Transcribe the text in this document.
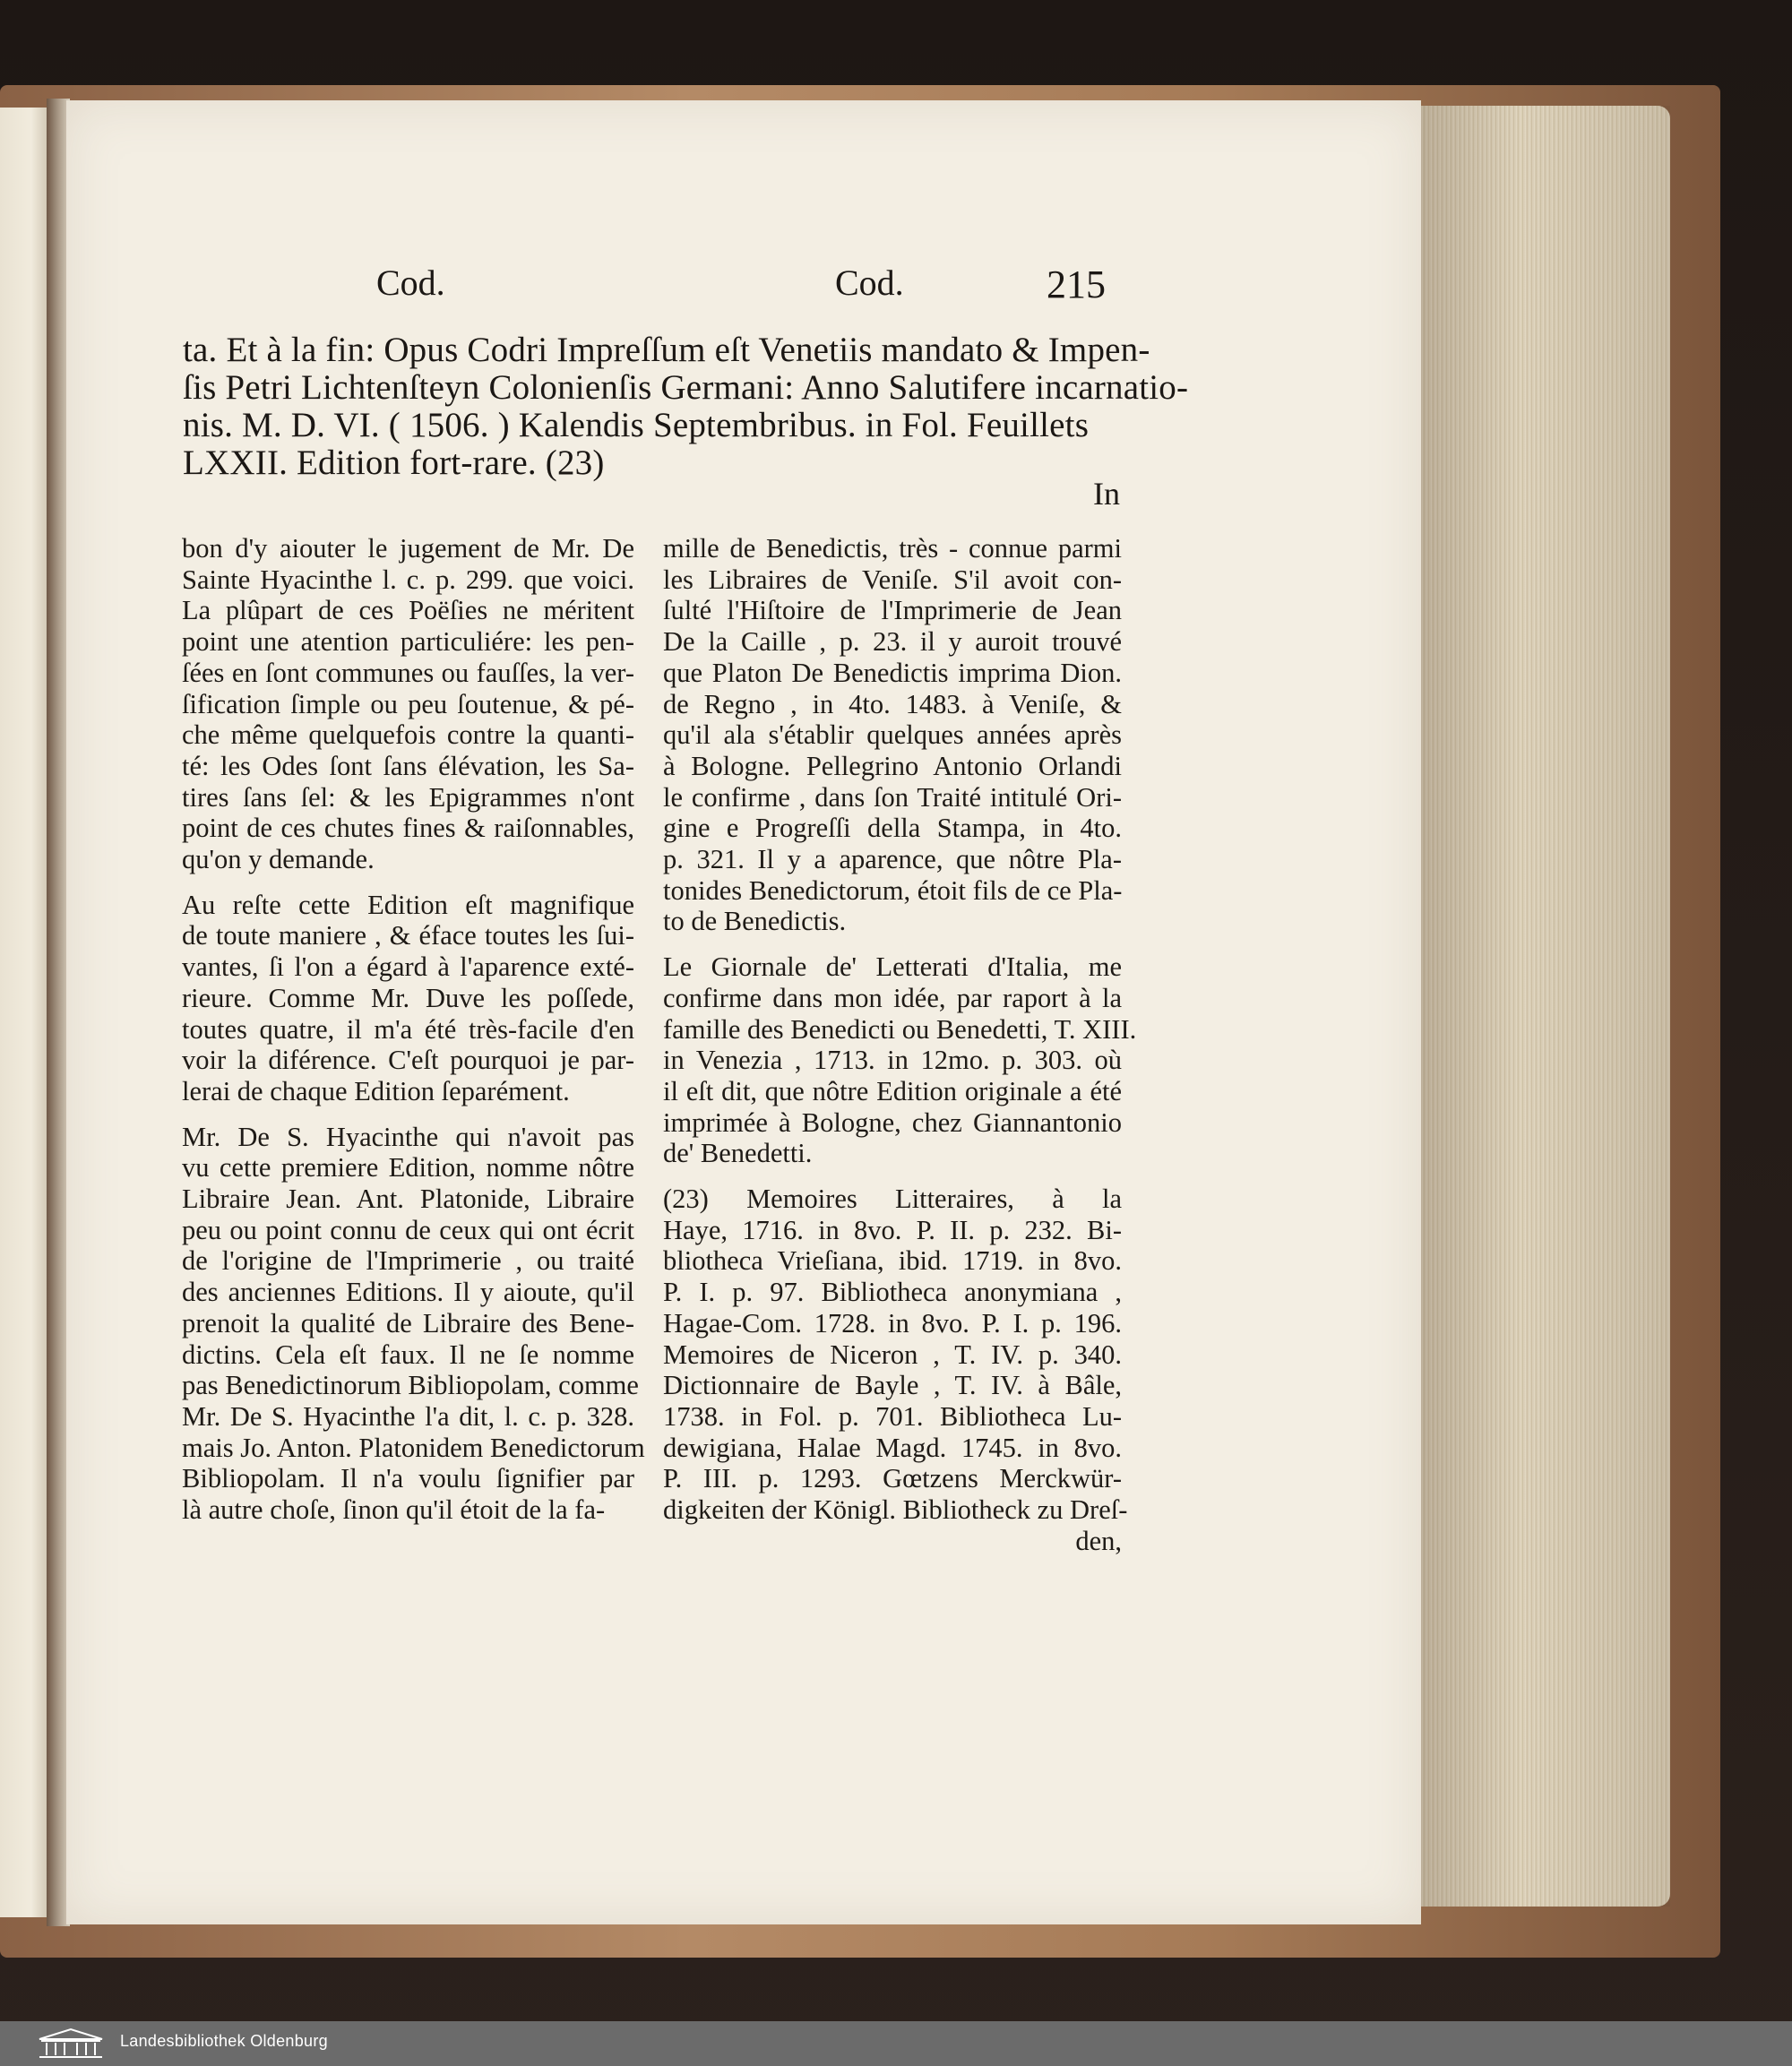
Cod.	Cod.	215
ta. Et à la fin: Opus Codri Impreſſum eſt Venetiis mandato & Impen-
ſis Petri Lichtenſteyn Colonienſis Germani: Anno Salutifere incarnatio-
nis. M. D. VI. ( 1506. ) Kalendis Septembribus. in Fol. Feuillets
LXXII. Edition fort-rare. (23)
In
bon d'y aiouter le jugement de Mr. De
Sainte Hyacinthe l. c. p. 299. que voici.
La plûpart de ces Poëſies ne méritent
point une atention particuliére: les pen-
ſées en ſont communes ou fauſſes, la ver-
ſification ſimple ou peu ſoutenue, & pé-
che même quelquefois contre la quanti-
té: les Odes ſont ſans élévation, les Sa-
tires ſans ſel: & les Epigrammes n'ont
point de ces chutes fines & raiſonnables,
qu'on y demande.
Au reſte cette Edition eſt magnifique
de toute maniere , & éface toutes les ſui-
vantes, ſi l'on a égard à l'aparence exté-
rieure. Comme Mr. Duve les poſſede,
toutes quatre, il m'a été très-facile d'en
voir la diférence. C'eſt pourquoi je par-
lerai de chaque Edition ſeparément.
Mr. De S. Hyacinthe qui n'avoit pas
vu cette premiere Edition, nomme nôtre
Libraire Jean. Ant. Platonide, Libraire
peu ou point connu de ceux qui ont écrit
de l'origine de l'Imprimerie , ou traité
des anciennes Editions. Il y aioute, qu'il
prenoit la qualité de Libraire des Bene-
dictins. Cela eſt faux. Il ne ſe nomme
pas Benedictinorum Bibliopolam, comme
Mr. De S. Hyacinthe l'a dit, l. c. p. 328.
mais Jo. Anton. Platonidem Benedictorum
Bibliopolam. Il n'a voulu ſignifier par
là autre choſe, ſinon qu'il étoit de la fa-
mille de Benedictis, très - connue parmi
les Libraires de Veniſe. S'il avoit con-
ſulté l'Hiſtoire de l'Imprimerie de Jean
De la Caille , p. 23. il y auroit trouvé
que Platon De Benedictis imprima Dion.
de Regno , in 4to. 1483. à Veniſe, &
qu'il ala s'établir quelques années après
à Bologne. Pellegrino Antonio Orlandi
le confirme , dans ſon Traité intitulé Ori-
gine e Progreſſi della Stampa, in 4to.
p. 321. Il y a aparence, que nôtre Pla-
tonides Benedictorum, étoit fils de ce Pla-
to de Benedictis.
Le Giornale de' Letterati d'Italia, me
confirme dans mon idée, par raport à la
famille des Benedicti ou Benedetti, T. XIII.
in Venezia , 1713. in 12mo. p. 303. où
il eſt dit, que nôtre Edition originale a été
imprimée à Bologne, chez Giannantonio
de' Benedetti.
(23) Memoires Litteraires, à la
Haye, 1716. in 8vo. P. II. p. 232. Bi-
bliotheca Vrieſiana, ibid. 1719. in 8vo.
P. I. p. 97. Bibliotheca anonymiana ,
Hagae-Com. 1728. in 8vo. P. I. p. 196.
Memoires de Niceron , T. IV. p. 340.
Dictionnaire de Bayle , T. IV. à Bâle,
1738. in Fol. p. 701. Bibliotheca Lu-
dewigiana, Halae Magd. 1745. in 8vo.
P. III. p. 1293. Gœtzens Merckwür-
digkeiten der Königl. Bibliotheck zu Dreſ-
den,
Landesbibliothek Oldenburg
